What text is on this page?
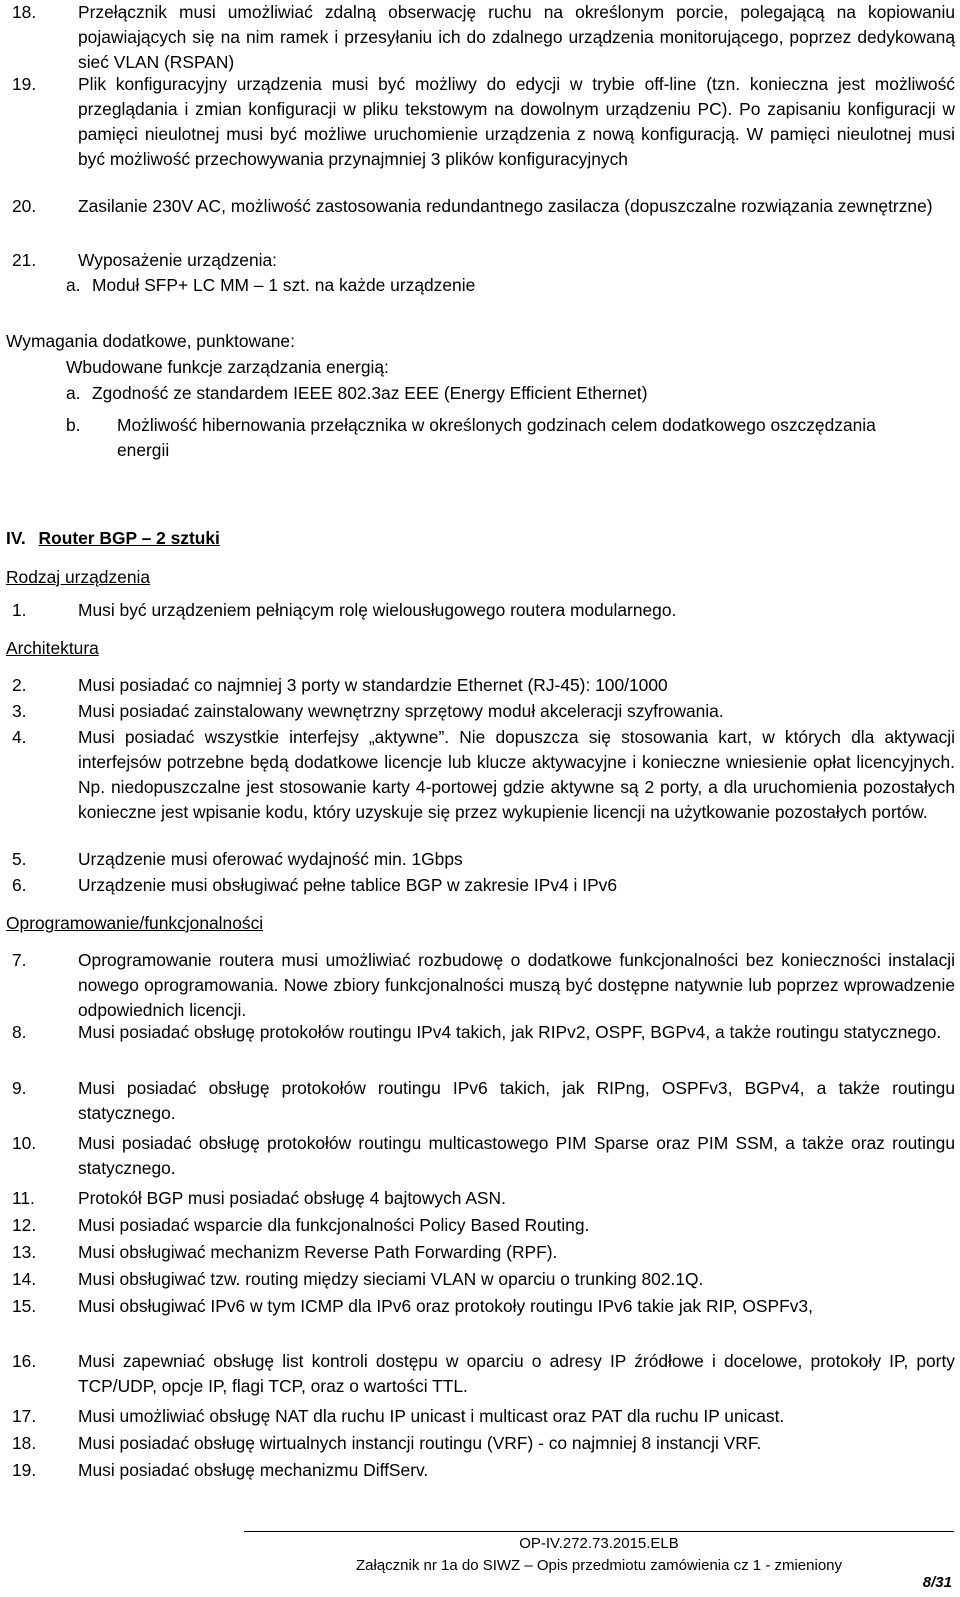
18. Przełącznik musi umożliwiać zdalną obserwację ruchu na określonym porcie, polegającą na kopiowaniu pojawiających się na nim ramek i przesyłaniu ich do zdalnego urządzenia monitorującego, poprzez dedykowaną sieć VLAN (RSPAN)
19. Plik konfiguracyjny urządzenia musi być możliwy do edycji w trybie off-line (tzn. konieczna jest możliwość przeglądania i zmian konfiguracji w pliku tekstowym na dowolnym urządzeniu PC). Po zapisaniu konfiguracji w pamięci nieulotnej musi być możliwe uruchomienie urządzenia z nową konfiguracją. W pamięci nieulotnej musi być możliwość przechowywania przynajmniej 3 plików konfiguracyjnych
20. Zasilanie 230V AC, możliwość zastosowania redundantnego zasilacza (dopuszczalne rozwiązania zewnętrzne)
21. Wyposażenie urządzenia:
a. Moduł SFP+ LC MM – 1 szt. na każde urządzenie
Wymagania dodatkowe, punktowane:
Wbudowane funkcje zarządzania energią:
a. Zgodność ze standardem IEEE 802.3az EEE (Energy Efficient Ethernet)
b. Możliwość hibernowania przełącznika w określonych godzinach celem dodatkowego oszczędzania energii
IV. Router BGP – 2 sztuki
Rodzaj urządzenia
1.	Musi być urządzeniem pełniącym rolę wielousługowego routera modularnego.
Architektura
2.	Musi posiadać co najmniej 3 porty w standardzie Ethernet (RJ-45): 100/1000
3.	Musi posiadać zainstalowany wewnętrzny sprzętowy moduł akceleracji szyfrowania.
4.	Musi posiadać wszystkie interfejsy „aktywne”. Nie dopuszcza się stosowania kart, w których dla aktywacji interfejsów potrzebne będą dodatkowe licencje lub klucze aktywacyjne i konieczne wniesienie opłat licencyjnych. Np. niedopuszczalne jest stosowanie karty 4-portowej gdzie aktywne są 2 porty, a dla uruchomienia pozostałych konieczne jest wpisanie kodu, który uzyskuje się przez wykupienie licencji na użytkowanie pozostałych portów.
5.	Urządzenie musi oferować wydajność min. 1Gbps
6.	Urządzenie musi obsługiwać pełne tablice BGP w zakresie IPv4 i IPv6
Oprogramowanie/funkcjonalności
7.	Oprogramowanie routera musi umożliwiać rozbudowę o dodatkowe funkcjonalności bez konieczności instalacji nowego oprogramowania. Nowe zbiory funkcjonalności muszą być dostępne natywnie lub poprzez wprowadzenie odpowiednich licencji.
8.	Musi posiadać obsługę protokołów routingu IPv4 takich, jak RIPv2, OSPF, BGPv4, a także routingu statycznego.
9.	Musi posiadać obsługę protokołów routingu IPv6 takich, jak RIPng, OSPFv3, BGPv4, a także routingu statycznego.
10. Musi posiadać obsługę protokołów routingu multicastowego PIM Sparse oraz PIM SSM, a także oraz routingu statycznego.
11. Protokół BGP musi posiadać obsługę 4 bajtowych ASN.
12. Musi posiadać wsparcie dla funkcjonalności Policy Based Routing.
13. Musi obsługiwać mechanizm Reverse Path Forwarding (RPF).
14. Musi obsługiwać tzw. routing między sieciami VLAN w oparciu o trunking 802.1Q.
15. Musi obsługiwać IPv6 w tym ICMP dla IPv6 oraz protokoły routingu IPv6 takie jak RIP, OSPFv3,
16. Musi zapewniać obsługę list kontroli dostępu w oparciu o adresy IP źródłowe i docelowe, protokoły IP, porty TCP/UDP, opcje IP, flagi TCP, oraz o wartości TTL.
17. Musi umożliwiać obsługę NAT dla ruchu IP unicast i multicast oraz PAT dla ruchu IP unicast.
18. Musi posiadać obsługę wirtualnych instancji routingu (VRF) - co najmniej 8 instancji VRF.
19. Musi posiadać obsługę mechanizmu DiffServ.
OP-IV.272.73.2015.ELB
Załącznik nr 1a do SIWZ – Opis przedmiotu zamówienia cz 1 - zmieniony
8/31
